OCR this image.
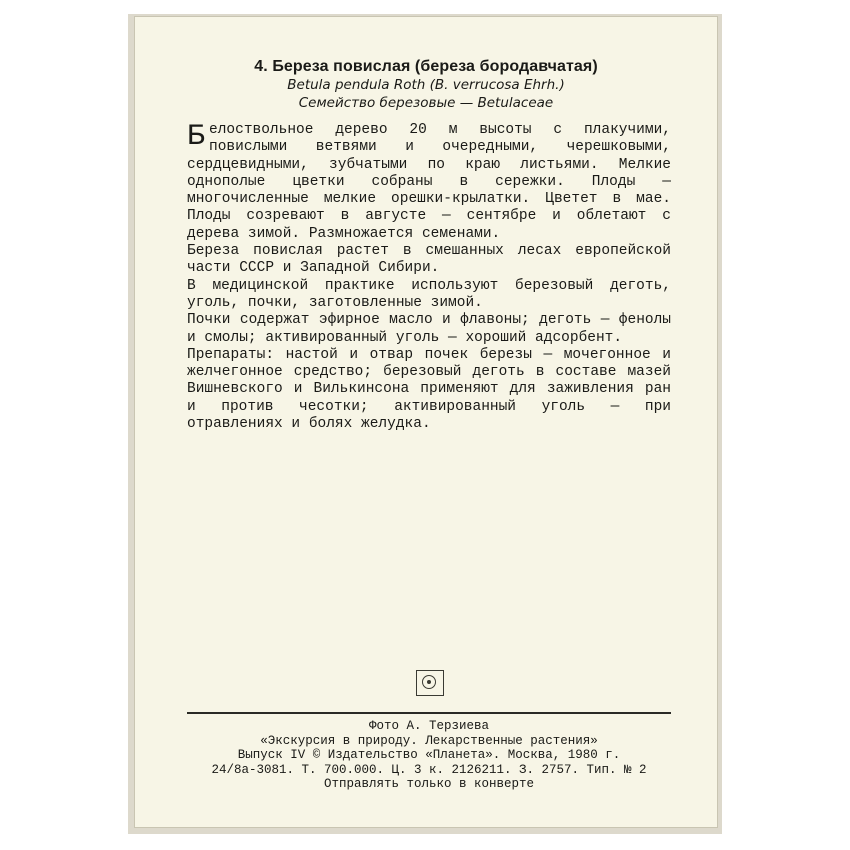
4. Береза повислая (береза бородавчатая)
Betula pendula Roth (B. verrucosa Ehrh.)
Семейство березовые — Betulaceae

Белоствольное дерево 20 м высоты с плакучими, повислыми ветвями и очередными, черешковыми, сердцевидными, зубчатыми по краю листьями. Мелкие однополые цветки собраны в сережки. Плоды — многочисленные мелкие орешки-крылатки. Цветет в мае. Плоды созревают в августе — сентябре и облетают с дерева зимой. Размножается семенами.

Береза повислая растет в смешанных лесах европейской части СССР и Западной Сибири.

В медицинской практике используют березовый деготь, уголь, почки, заготовленные зимой.

Почки содержат эфирное масло и флавоны; деготь — фенолы и смолы; активированный уголь — хороший адсорбент.

Препараты: настой и отвар почек березы — мочегонное и желчегонное средство; березовый деготь в составе мазей Вишневского и Вилькинсона применяют для заживления ран и против чесотки; активированный уголь — при отравлениях и болях желудка.

Фото А. Терзиева
«Экскурсия в природу. Лекарственные растения»
Выпуск IV © Издательство «Планета». Москва, 1980 г.
24/8а-3081. Т. 700.000. Ц. 3 к. 2126211. З. 2757. Тип. № 2
Отправлять только в конверте
